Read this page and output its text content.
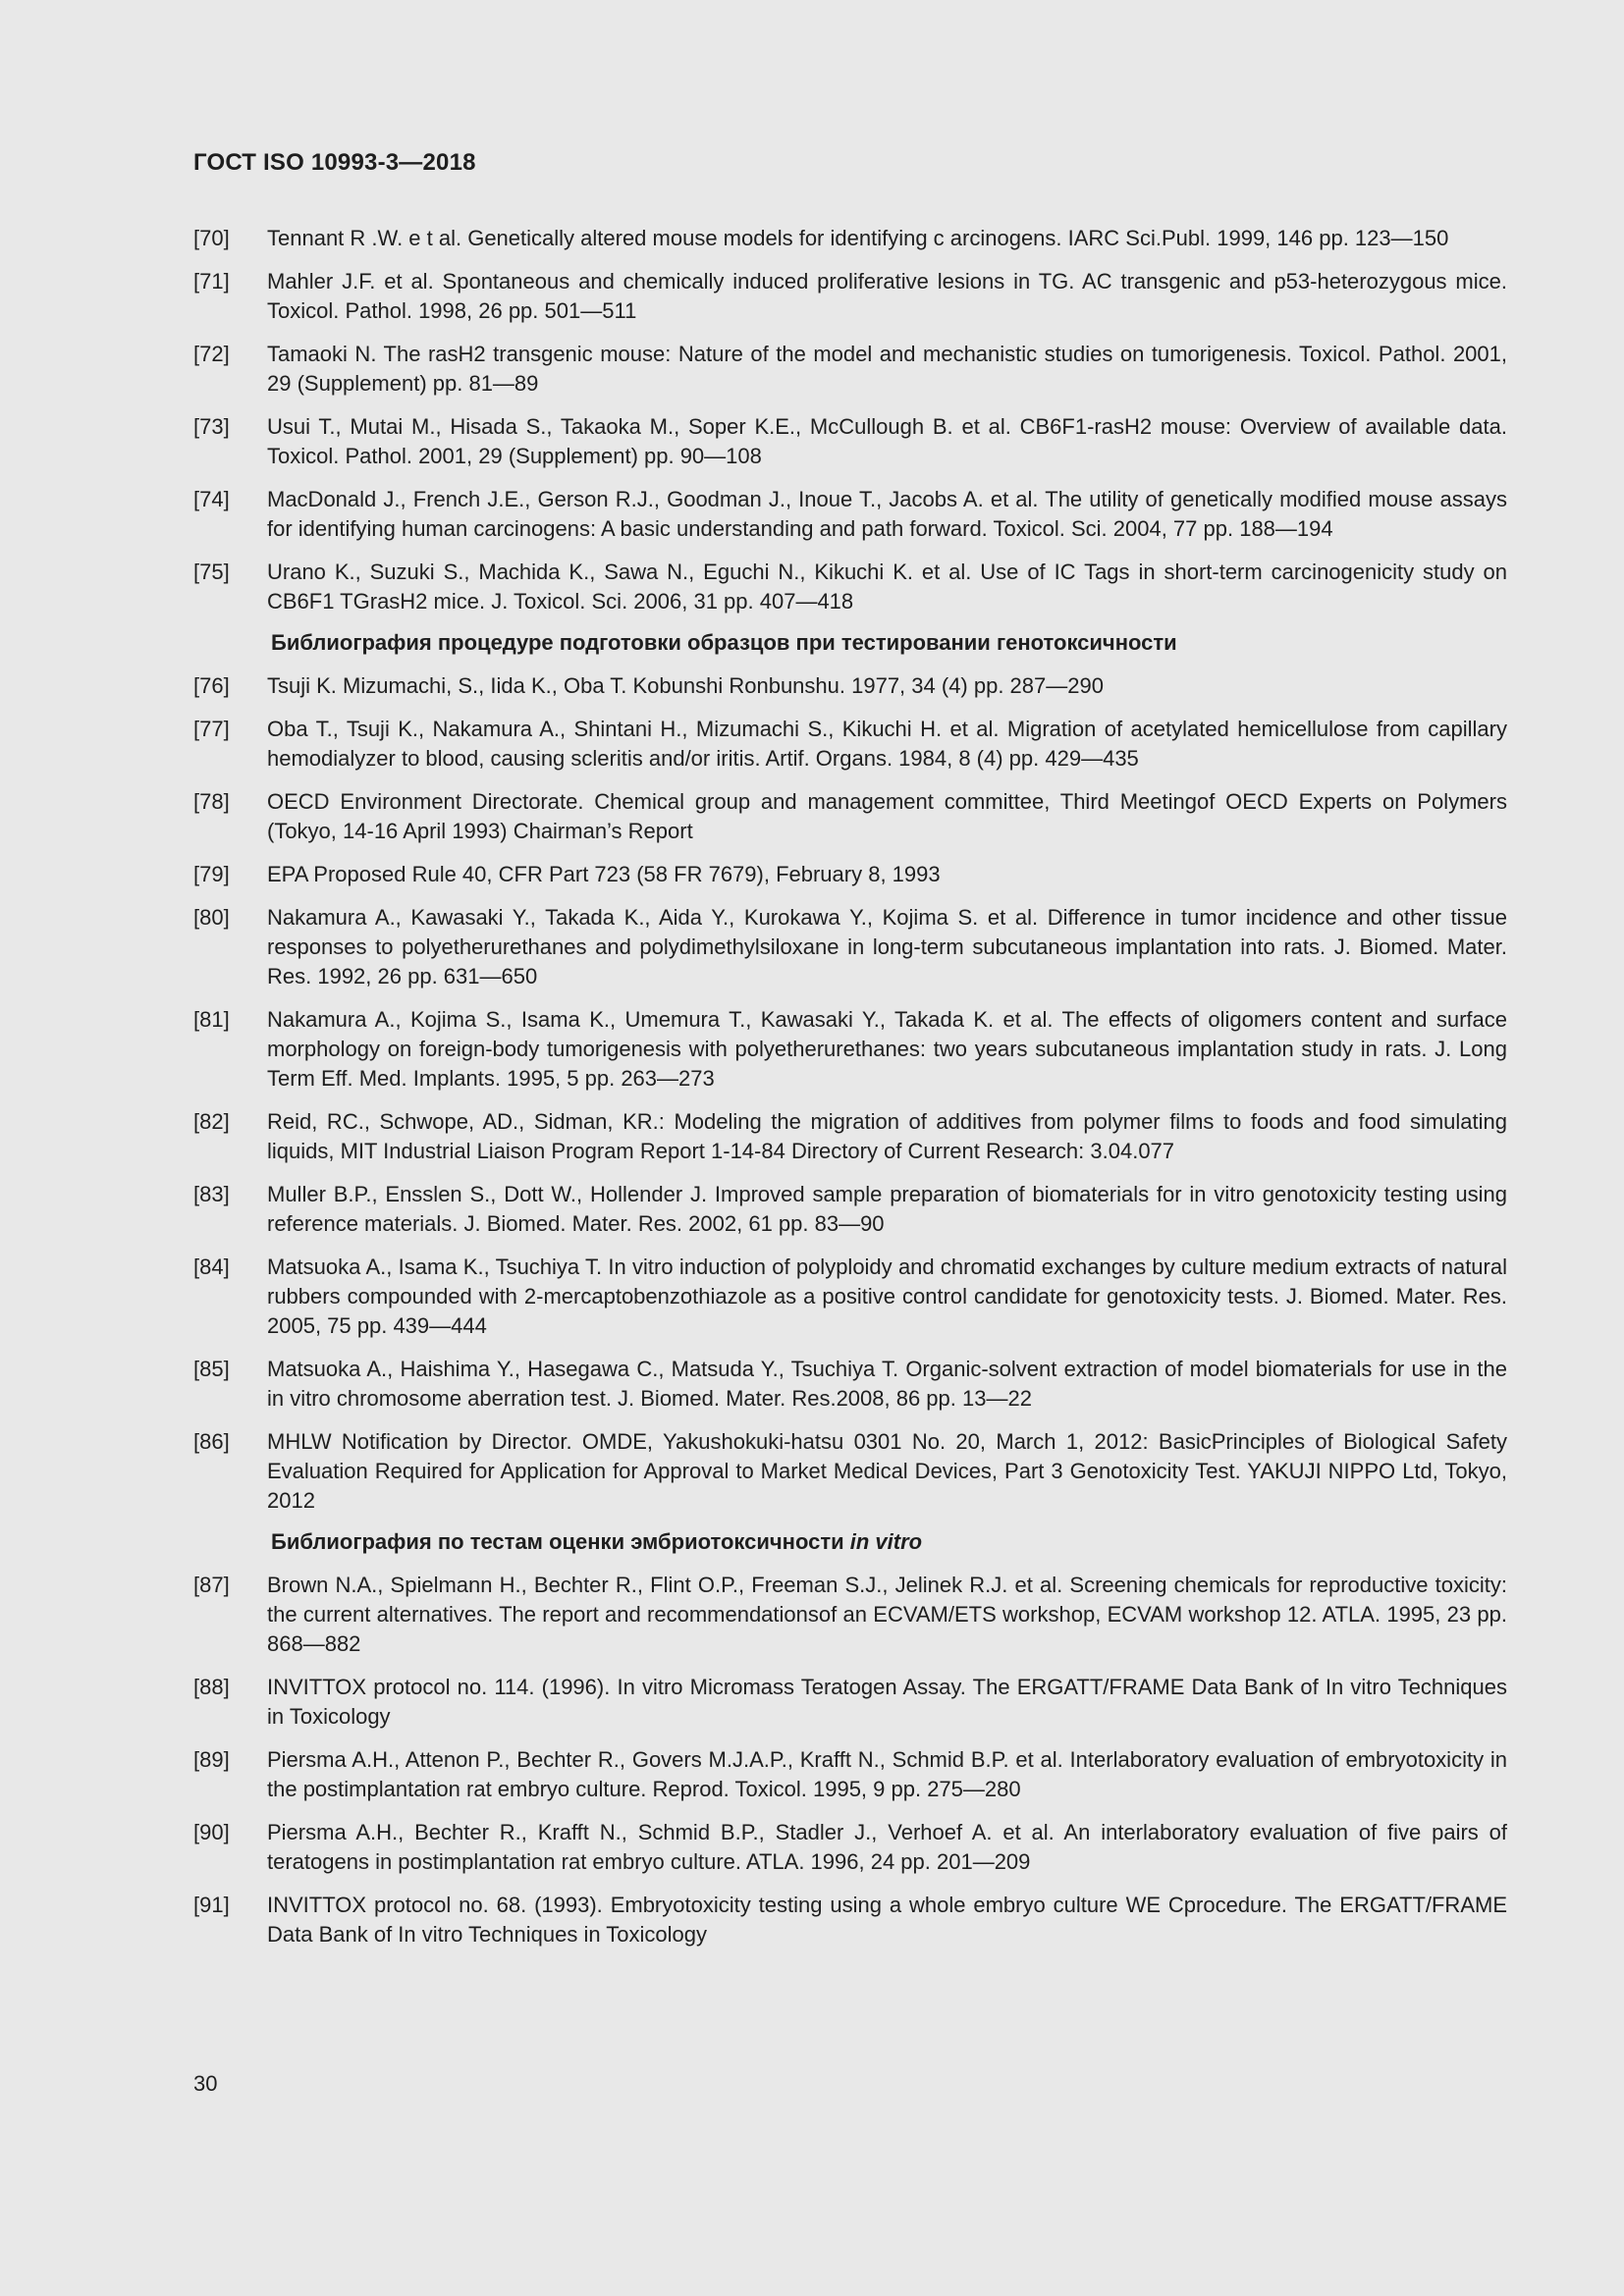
ГОСТ ISO 10993-3—2018
[70]	Tennant R .W. e t al. Genetically altered mouse models for identifying c arcinogens. IARC Sci.Publ. 1999, 146 pp. 123—150
[71]	Mahler J.F. et al. Spontaneous and chemically induced proliferative lesions in TG. AC transgenic and p53-heterozygous mice. Toxicol. Pathol. 1998, 26 pp. 501—511
[72]	Tamaoki N. The rasH2 transgenic mouse: Nature of the model and mechanistic studies on tumorigenesis. Toxicol. Pathol. 2001, 29 (Supplement) pp. 81—89
[73]	Usui T., Mutai M., Hisada S., Takaoka M., Soper K.E., McCullough B. et al. CB6F1-rasH2 mouse: Overview of available data. Toxicol. Pathol. 2001, 29 (Supplement) pp. 90—108
[74]	MacDonald J., French J.E., Gerson R.J., Goodman J., Inoue T., Jacobs A. et al. The utility of genetically modified mouse assays for identifying human carcinogens: A basic understanding and path forward. Toxicol. Sci. 2004, 77 pp. 188—194
[75]	Urano K., Suzuki S., Machida K., Sawa N., Eguchi N., Kikuchi K. et al. Use of IC Tags in short-term carcinogenicity study on CB6F1 TGrasH2 mice. J. Toxicol. Sci. 2006, 31 pp. 407—418
Библиография процедуре подготовки образцов при тестировании генотоксичности
[76]	Tsuji K. Mizumachi, S., Iida K., Oba T. Kobunshi Ronbunshu. 1977, 34 (4) pp. 287—290
[77]	Oba T., Tsuji K., Nakamura A., Shintani H., Mizumachi S., Kikuchi H. et al. Migration of acetylated hemicellulose from capillary hemodialyzer to blood, causing scleritis and/or iritis. Artif. Organs. 1984, 8 (4) pp. 429—435
[78]	OECD Environment Directorate. Chemical group and management committee, Third Meetingof OECD Experts on Polymers (Tokyo, 14-16 April 1993) Chairman’s Report
[79]	EPA Proposed Rule 40, CFR Part 723 (58 FR 7679), February 8, 1993
[80]	Nakamura A., Kawasaki Y., Takada K., Aida Y., Kurokawa Y., Kojima S. et al. Difference in tumor incidence and other tissue responses to polyetherurethanes and polydimethylsiloxane in long-term subcutaneous implantation into rats. J. Biomed. Mater. Res. 1992, 26 pp. 631—650
[81]	Nakamura A., Kojima S., Isama K., Umemura T., Kawasaki Y., Takada K. et al. The effects of oligomers content and surface morphology on foreign-body tumorigenesis with polyetherurethanes: two years subcutaneous implantation study in rats. J. Long Term Eff. Med. Implants. 1995, 5 pp. 263—273
[82]	Reid, RC., Schwope, AD., Sidman, KR.: Modeling the migration of additives from polymer films to foods and food simulating liquids, MIT Industrial Liaison Program Report 1-14-84 Directory of Current Research: 3.04.077
[83]	Muller B.P., Ensslen S., Dott W., Hollender J. Improved sample preparation of biomaterials for in vitro genotoxicity testing using reference materials. J. Biomed. Mater. Res. 2002, 61 pp. 83—90
[84]	Matsuoka A., Isama K., Tsuchiya T. In vitro induction of polyploidy and chromatid exchanges by culture medium extracts of natural rubbers compounded with 2-mercaptobenzothiazole as a positive control candidate for genotoxicity tests. J. Biomed. Mater. Res. 2005, 75 pp. 439—444
[85]	Matsuoka A., Haishima Y., Hasegawa C., Matsuda Y., Tsuchiya T. Organic-solvent extraction of model biomaterials for use in the in vitro chromosome aberration test. J. Biomed. Mater. Res.2008, 86 pp. 13—22
[86]	MHLW Notification by Director. OMDE, Yakushokuki-hatsu 0301 No. 20, March 1, 2012: BasicPrinciples of Biological Safety Evaluation Required for Application for Approval to Market Medical Devices, Part 3 Genotoxicity Test. YAKUJI NIPPO Ltd, Tokyo, 2012
Библиография по тестам оценки эмбриотоксичности in vitro
[87]	Brown N.A., Spielmann H., Bechter R., Flint O.P., Freeman S.J., Jelinek R.J. et al. Screening chemicals for reproductive toxicity: the current alternatives. The report and recommendationsof an ECVAM/ETS workshop, ECVAM workshop 12. ATLA. 1995, 23 pp. 868—882
[88]	INVITTOX protocol no. 114. (1996). In vitro Micromass Teratogen Assay. The ERGATT/FRAME Data Bank of In vitro Techniques in Toxicology
[89]	Piersma A.H., Attenon P., Bechter R., Govers M.J.A.P., Krafft N., Schmid B.P. et al. Interlaboratory evaluation of embryotoxicity in the postimplantation rat embryo culture. Reprod. Toxicol. 1995, 9 pp. 275—280
[90]	Piersma A.H., Bechter R., Krafft N., Schmid B.P., Stadler J., Verhoef A. et al. An interlaboratory evaluation of five pairs of teratogens in postimplantation rat embryo culture. ATLA. 1996, 24 pp. 201—209
[91]	INVITTOX protocol no. 68. (1993). Embryotoxicity testing using a whole embryo culture WE Cprocedure. The ERGATT/FRAME Data Bank of In vitro Techniques in Toxicology
30
